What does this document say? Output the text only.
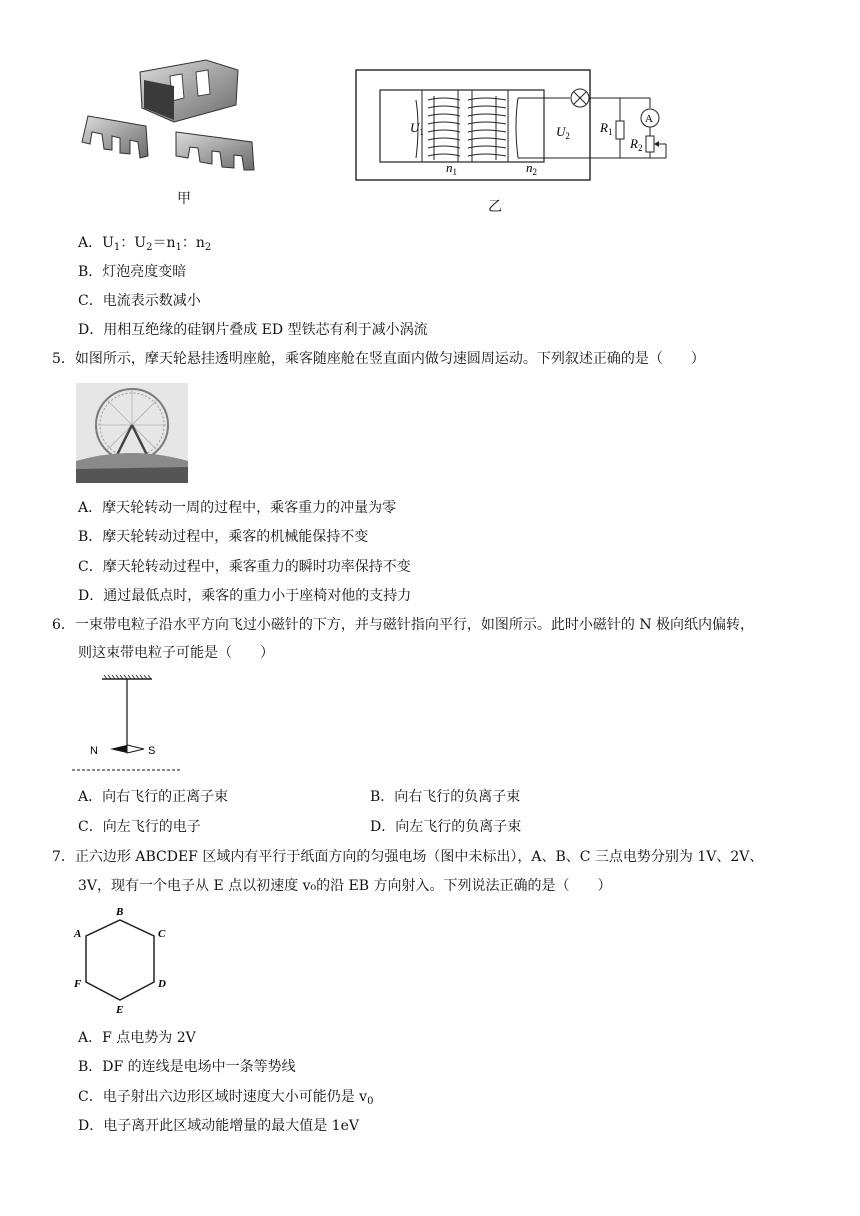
甲
$U_1$	$U_2$
$n_1$	$n_2$
$R_1$
$R_2$
A
乙
A．$U_1$：$U_2=n_1$：$n_2$
B．灯泡亮度变暗
C．电流表示数减小
D．用相互绝缘的硅钢片叠成 ED 型铁芯有利于减小涡流
5．如图所示，摩天轮悬挂透明座舱，乘客随座舱在竖直面内做匀速圆周运动。下列叙述正确的是（　　）
A．摩天轮转动一周的过程中，乘客重力的冲量为零
B．摩天轮转动过程中，乘客的机械能保持不变
C．摩天轮转动过程中，乘客重力的瞬时功率保持不变
D．通过最低点时，乘客的重力小于座椅对他的支持力
6．一束带电粒子沿水平方向飞过小磁针的下方，并与磁针指向平行，如图所示。此时小磁针的 N 极向纸内偏转，
则这束带电粒子可能是（　　）
N	S
A．向右飞行的正离子束	B．向右飞行的负离子束
C．向左飞行的电子	D．向左飞行的负离子束
7．正六边形 ABCDEF 区域内有平行于纸面方向的匀强电场（图中未标出），A、B、C 三点电势分别为 1V、2V、
3V，现有一个电子从 E 点以初速度 v₀的沿 EB 方向射入。下列说法正确的是（　　）
B
C
D
E
F
A
A．F 点电势为 2V
B．DF 的连线是电场中一条等势线
C．电子射出六边形区域时速度大小可能仍是 $v_0$
D．电子离开此区域动能增量的最大值是 1eV
